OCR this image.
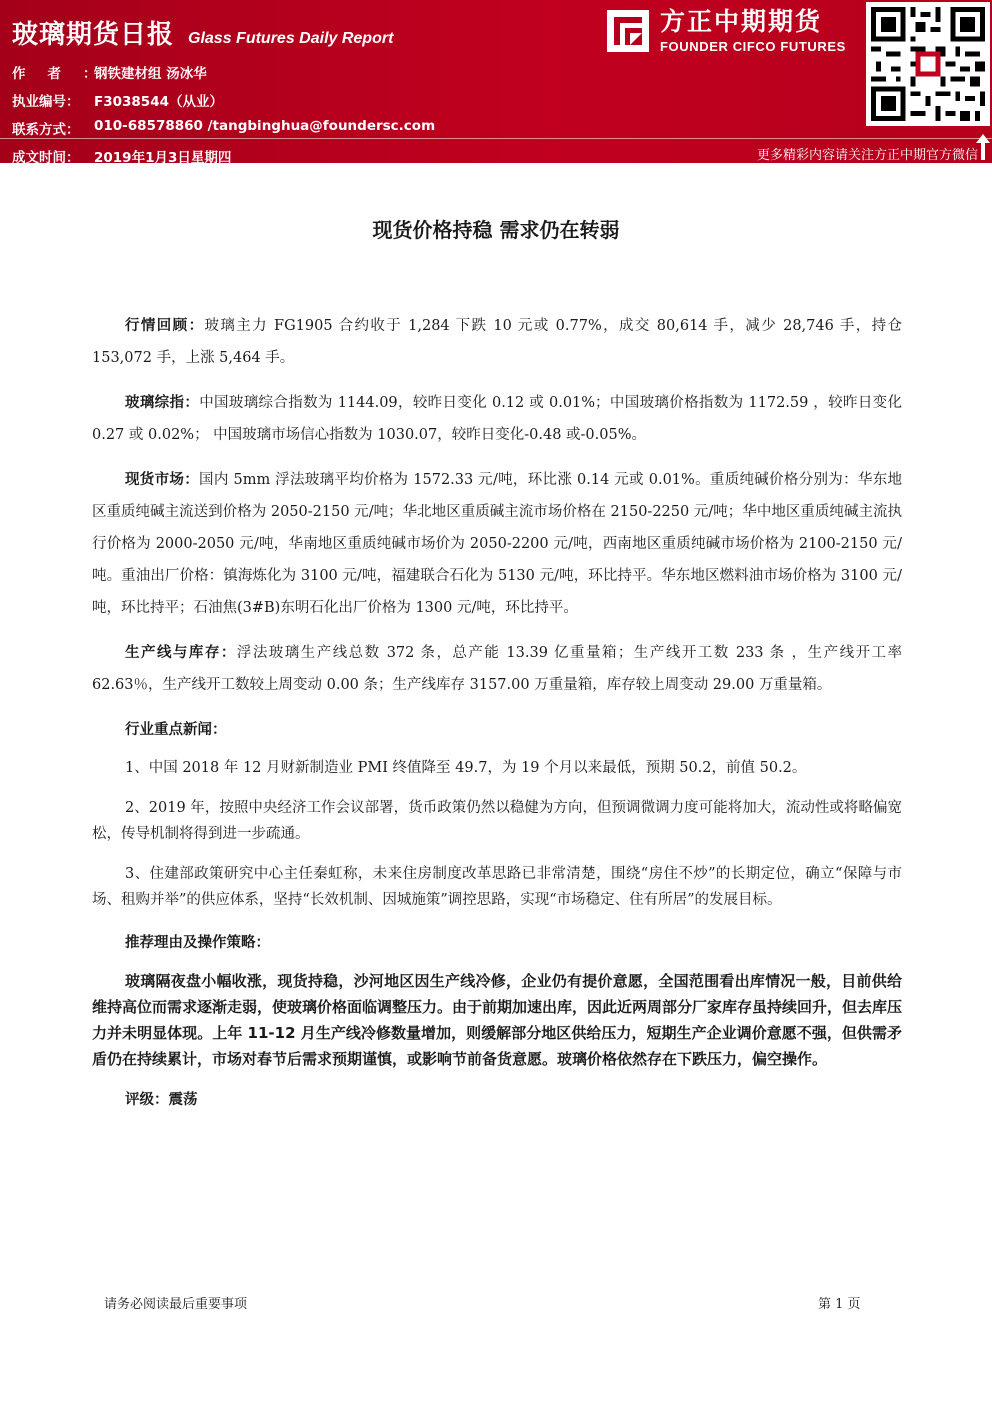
玻璃期货日报 Glass Futures Daily Report
作者：
钢铁建材组 汤冰华
执业编号：	F3038544（从业）
联系方式：	010-68578860 /tangbinghua@foundersc.com
成文时间：	2019年1月3日星期四
方正中期期货
FOUNDER CIFCO FUTURES
更多精彩内容请关注方正中期官方微信
现货价格持稳 需求仍在转弱

行情回顾：玻璃主力 FG1905 合约收于 1,284 下跌 10 元或 0.77%，成交 80,614 手，减少 28,746 手，持仓 153,072 手，上涨 5,464 手。

玻璃综指：中国玻璃综合指数为 1144.09，较昨日变化 0.12 或 0.01%；中国玻璃价格指数为 1172.59 ，较昨日变化 0.27 或 0.02%； 中国玻璃市场信心指数为 1030.07，较昨日变化-0.48 或-0.05%。

现货市场：国内 5mm 浮法玻璃平均价格为 1572.33 元/吨，环比涨 0.14 元或 0.01%。重质纯碱价格分别为：华东地区重质纯碱主流送到价格为 2050-2150 元/吨；华北地区重质碱主流市场价格在 2150-2250 元/吨；华中地区重质纯碱主流执行价格为 2000-2050 元/吨，华南地区重质纯碱市场价为 2050-2200 元/吨，西南地区重质纯碱市场价格为 2100-2150 元/吨。重油出厂价格：镇海炼化为 3100 元/吨，福建联合石化为 5130 元/吨，环比持平。华东地区燃料油市场价格为 3100 元/吨，环比持平；石油焦(3#B)东明石化出厂价格为 1300 元/吨，环比持平。

生产线与库存：浮法玻璃生产线总数 372 条，总产能 13.39 亿重量箱；生产线开工数 233 条 ，生产线开工率 62.63％，生产线开工数较上周变动 0.00 条；生产线库存 3157.00 万重量箱，库存较上周变动 29.00 万重量箱。

行业重点新闻：

1、中国 2018 年 12 月财新制造业 PMI 终值降至 49.7，为 19 个月以来最低，预期 50.2，前值 50.2。

2、2019 年，按照中央经济工作会议部署，货币政策仍然以稳健为方向，但预调微调力度可能将加大，流动性或将略偏宽松，传导机制将得到进一步疏通。

3、住建部政策研究中心主任秦虹称，未来住房制度改革思路已非常清楚，围绕“房住不炒”的长期定位，确立“保障与市场、租购并举”的供应体系，坚持“长效机制、因城施策”调控思路，实现“市场稳定、住有所居”的发展目标。

推荐理由及操作策略：

玻璃隔夜盘小幅收涨，现货持稳，沙河地区因生产线冷修，企业仍有提价意愿，全国范围看出库情况一般，目前供给维持高位而需求逐渐走弱，使玻璃价格面临调整压力。由于前期加速出库，因此近两周部分厂家库存虽持续回升，但去库压力并未明显体现。上年 11-12 月生产线冷修数量增加，则缓解部分地区供给压力，短期生产企业调价意愿不强，但供需矛盾仍在持续累计，市场对春节后需求预期谨慎，或影响节前备货意愿。玻璃价格依然存在下跌压力，偏空操作。

评级：震荡
请务必阅读最后重要事项	第 1 页
